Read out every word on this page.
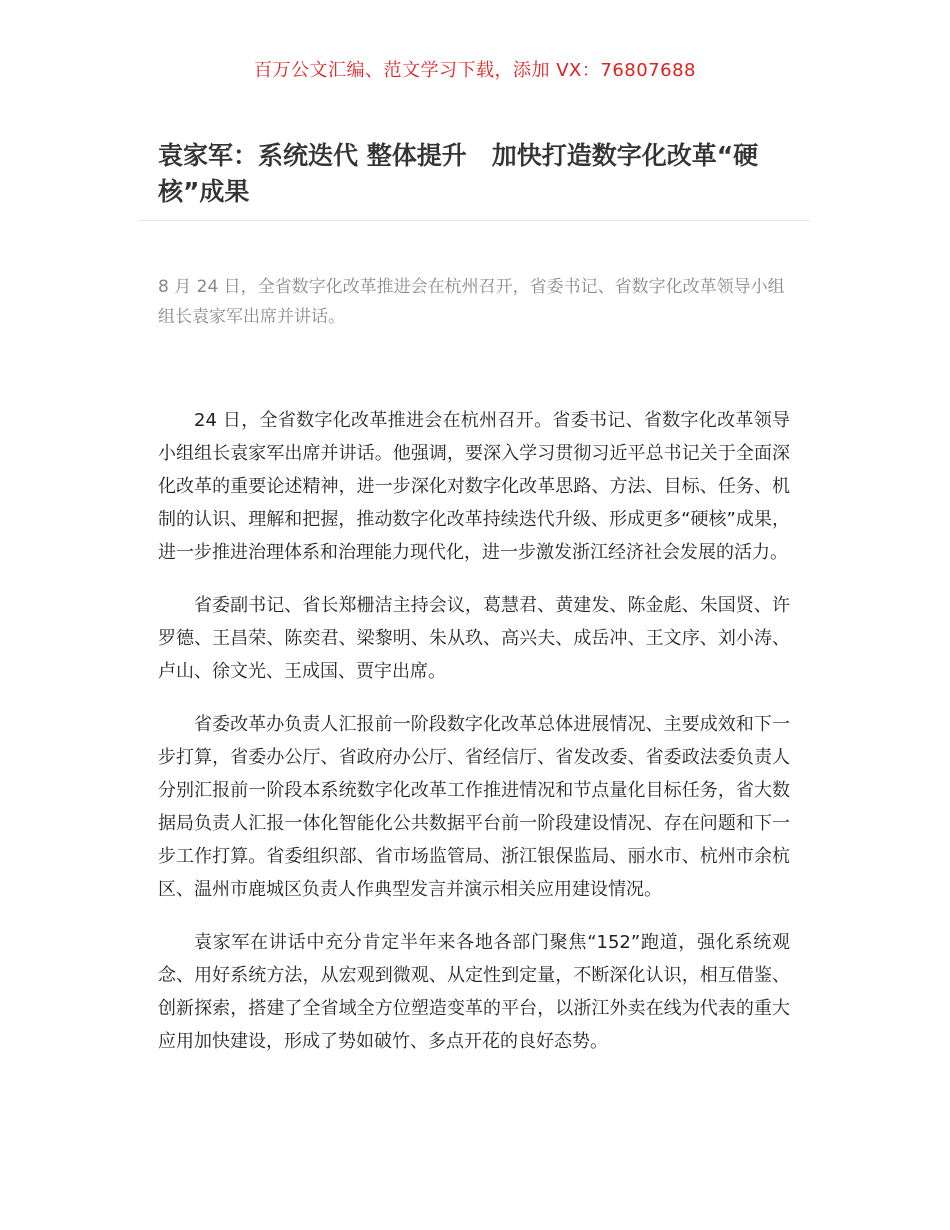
百万公文汇编、范文学习下载，添加 VX：76807688
袁家军：系统迭代 整体提升　加快打造数字化改革“硬核”成果

8 月 24 日，全省数字化改革推进会在杭州召开，省委书记、省数字化改革领导小组组长袁家军出席并讲话。

24 日，全省数字化改革推进会在杭州召开。省委书记、省数字化改革领导小组组长袁家军出席并讲话。他强调，要深入学习贯彻习近平总书记关于全面深化改革的重要论述精神，进一步深化对数字化改革思路、方法、目标、任务、机制的认识、理解和把握，推动数字化改革持续迭代升级、形成更多“硬核”成果，进一步推进治理体系和治理能力现代化，进一步激发浙江经济社会发展的活力。

省委副书记、省长郑栅洁主持会议，葛慧君、黄建发、陈金彪、朱国贤、许罗德、王昌荣、陈奕君、梁黎明、朱从玖、高兴夫、成岳冲、王文序、刘小涛、卢山、徐文光、王成国、贾宇出席。

省委改革办负责人汇报前一阶段数字化改革总体进展情况、主要成效和下一步打算，省委办公厅、省政府办公厅、省经信厅、省发改委、省委政法委负责人分别汇报前一阶段本系统数字化改革工作推进情况和节点量化目标任务，省大数据局负责人汇报一体化智能化公共数据平台前一阶段建设情况、存在问题和下一步工作打算。省委组织部、省市场监管局、浙江银保监局、丽水市、杭州市余杭区、温州市鹿城区负责人作典型发言并演示相关应用建设情况。

袁家军在讲话中充分肯定半年来各地各部门聚焦“152”跑道，强化系统观念、用好系统方法，从宏观到微观、从定性到定量，不断深化认识，相互借鉴、创新探索，搭建了全省域全方位塑造变革的平台，以浙江外卖在线为代表的重大应用加快建设，形成了势如破竹、多点开花的良好态势。
